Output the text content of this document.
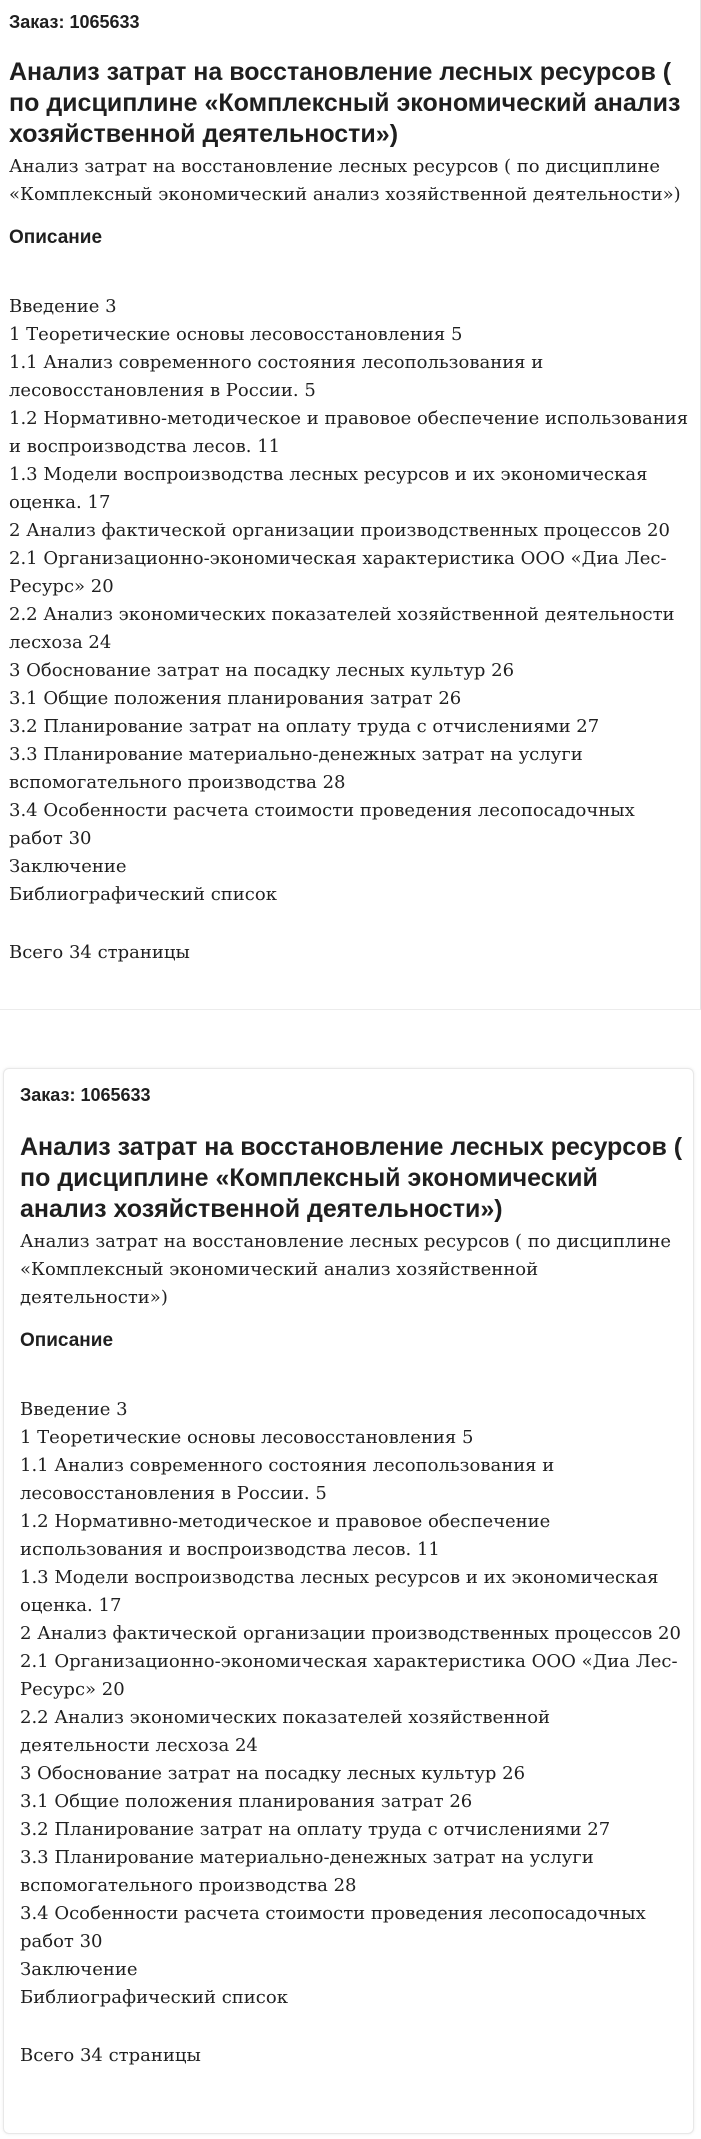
Заказ: 1065633

Анализ затрат на восстановление лесных ресурсов ( по дисциплине «Комплексный экономический анализ хозяйственной деятельности»)

Анализ затрат на восстановление лесных ресурсов ( по дисциплине «Комплексный экономический анализ хозяйственной деятельности»)

Описание
Введение 3
1 Теоретические основы лесовосстановления 5
1.1 Анализ современного состояния лесопользования и лесовосстановления в России. 5
1.2 Нормативно-методическое и правовое обеспечение использования и воспроизводства лесов. 11
1.3 Модели воспроизводства лесных ресурсов и их экономическая оценка. 17
2 Анализ фактической организации производственных процессов 20
2.1 Организационно-экономическая характеристика ООО «Диа Лес-Ресурс» 20
2.2 Анализ экономических показателей хозяйственной деятельности лесхоза 24
3 Обоснование затрат на посадку лесных культур 26
3.1 Общие положения планирования затрат 26
3.2 Планирование затрат на оплату труда с отчислениями 27
3.3 Планирование материально-денежных затрат на услуги вспомогательного производства 28
3.4 Особенности расчета стоимости проведения лесопосадочных работ 30
Заключение
Библиографический список

Всего 34 страницы

Заказ: 1065633

Анализ затрат на восстановление лесных ресурсов ( по дисциплине «Комплексный экономический анализ хозяйственной деятельности»)

Анализ затрат на восстановление лесных ресурсов ( по дисциплине «Комплексный экономический анализ хозяйственной деятельности»)

Описание
Введение 3
1 Теоретические основы лесовосстановления 5
1.1 Анализ современного состояния лесопользования и лесовосстановления в России. 5
1.2 Нормативно-методическое и правовое обеспечение использования и воспроизводства лесов. 11
1.3 Модели воспроизводства лесных ресурсов и их экономическая оценка. 17
2 Анализ фактической организации производственных процессов 20
2.1 Организационно-экономическая характеристика ООО «Диа Лес-Ресурс» 20
2.2 Анализ экономических показателей хозяйственной деятельности лесхоза 24
3 Обоснование затрат на посадку лесных культур 26
3.1 Общие положения планирования затрат 26
3.2 Планирование затрат на оплату труда с отчислениями 27
3.3 Планирование материально-денежных затрат на услуги вспомогательного производства 28
3.4 Особенности расчета стоимости проведения лесопосадочных работ 30
Заключение
Библиографический список

Всего 34 страницы
